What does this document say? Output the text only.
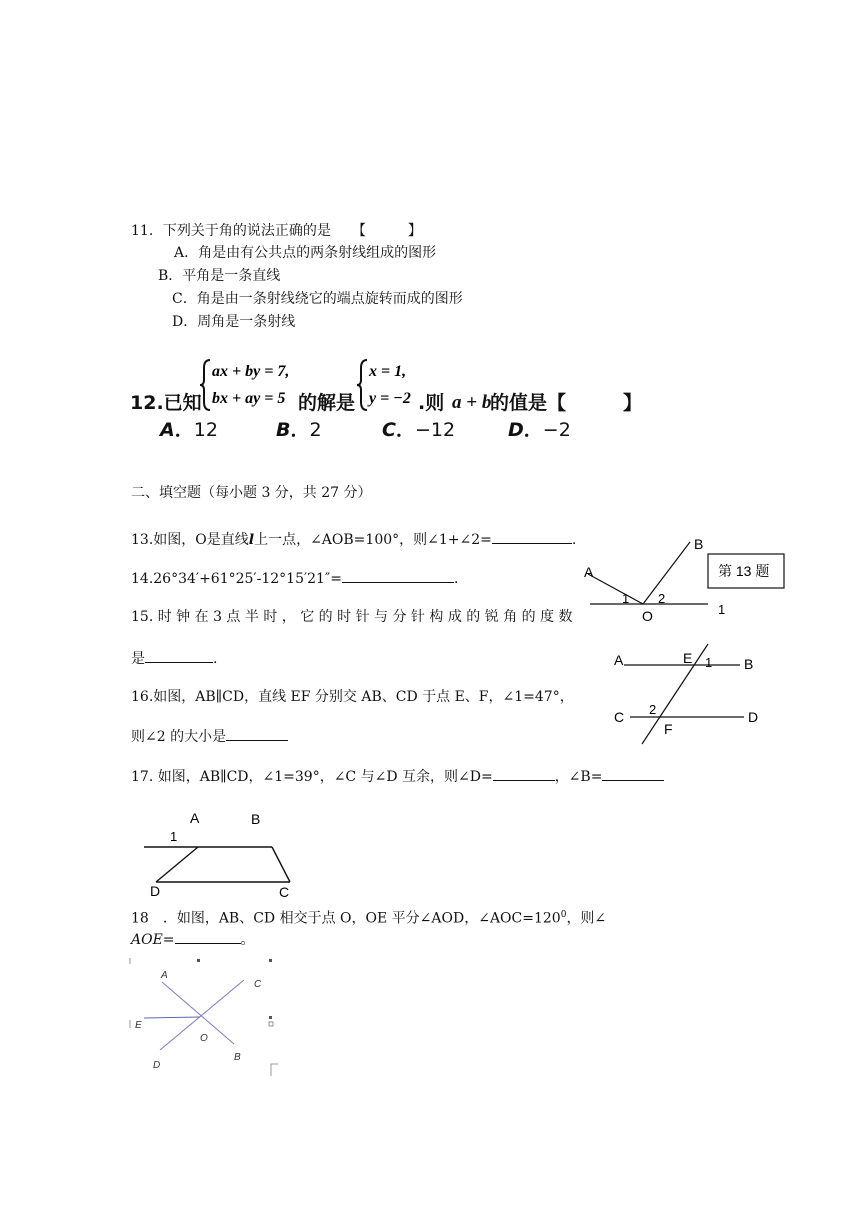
11．下列关于角的说法正确的是　　【　　　】
A．角是由有公共点的两条射线组成的图形
B．平角是一条直线
C．角是由一条射线绕它的端点旋转而成的图形
D．周角是一条射线
12.已知
ax + by = 7,
bx + ay = 5 的解是
x = 1,
y = −2 .则 a + b
的值是【　　　】
A．12	B．2	C．−12	D．−2
二、填空题（每小题 3 分，共 27 分）
13.如图，O是直线l上一点，∠AOB=100°，则∠1+∠2=	.
A
B
O
1 2
1
第 13 题
14.26°34′+61°25′-12°15′21″=	.
15. 时 钟 在 3 点 半 时 ， 它 的 时 针 与 分 针 构 成 的 锐 角 的 度 数
是	.	A	B
C	D
E
F
1
2
16.如图，AB∥CD，直线 EF 分别交 AB、CD 于点 E、F，∠1=47°，
则∠2 的大小是
17. 如图，AB∥CD，∠1=39°，∠C 与∠D 互余，则∠D=	，∠B=
A	B
C
D
1
18　．如图，AB、CD 相交于点 O，OE 平分∠AOD，$\angle AOC=120^0$，则∠
AOE=	。
A
B
C
D
E
O
